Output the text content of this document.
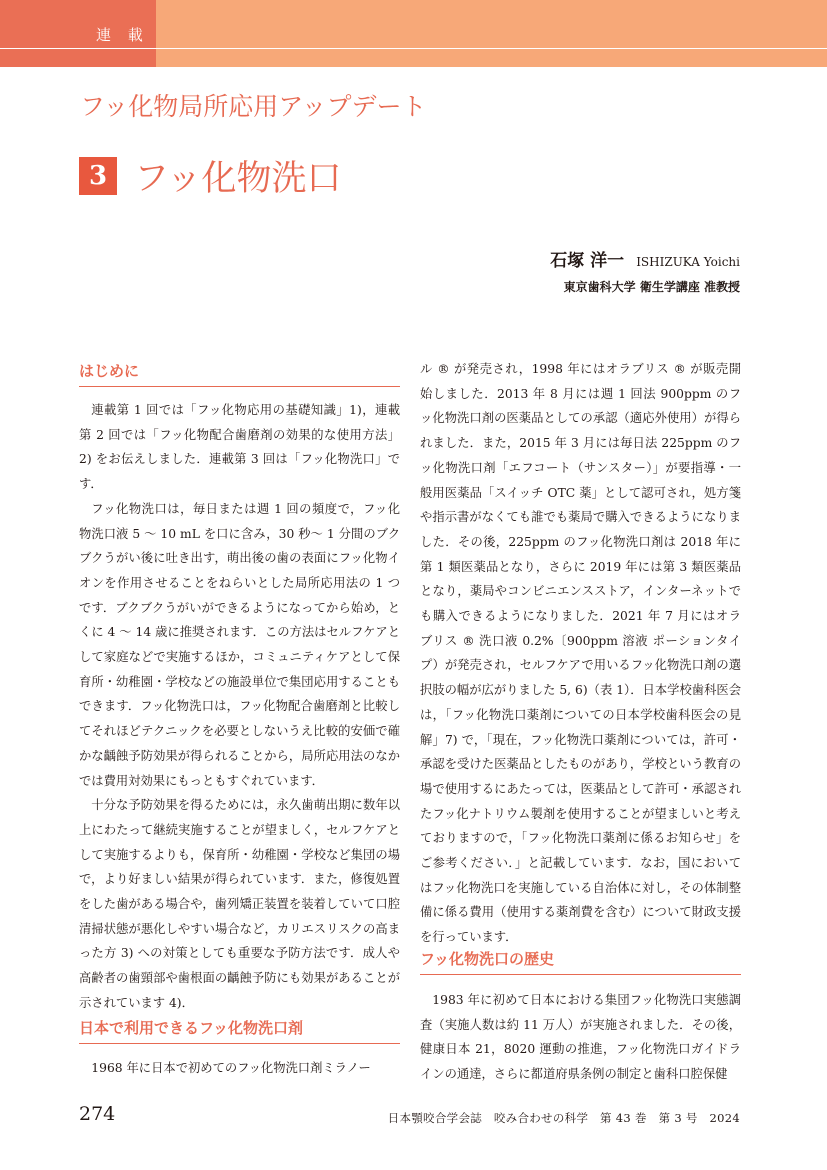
連 載
フッ化物局所応用アップデート
3 フッ化物洗口
石塚 洋一 ISHIZUKA Yoichi
東京歯科大学 衛生学講座 准教授
はじめに

連載第 1 回では「フッ化物応用の基礎知識」1)，連載第 2 回では「フッ化物配合歯磨剤の効果的な使用方法」2) をお伝えしました．連載第 3 回は「フッ化物洗口」です．

フッ化物洗口は，毎日または週 1 回の頻度で，フッ化物洗口液 5 〜 10 mL を口に含み，30 秒〜 1 分間のブクブクうがい後に吐き出す，萌出後の歯の表面にフッ化物イオンを作用させることをねらいとした局所応用法の 1 つです．ブクブクうがいができるようになってから始め，とくに 4 〜 14 歳に推奨されます．この方法はセルフケアとして家庭などで実施するほか，コミュニティケアとして保育所・幼稚園・学校などの施設単位で集団応用することもできます．フッ化物洗口は，フッ化物配合歯磨剤と比較してそれほどテクニックを必要としないうえ比較的安価で確かな齲蝕予防効果が得られることから，局所応用法のなかでは費用対効果にもっともすぐれています．

十分な予防効果を得るためには，永久歯萌出期に数年以上にわたって継続実施することが望ましく，セルフケアとして実施するよりも，保育所・幼稚園・学校など集団の場で，より好ましい結果が得られています．また，修復処置をした歯がある場合や，歯列矯正装置を装着していて口腔清掃状態が悪化しやすい場合など，カリエスリスクの高まった方 3) への対策としても重要な予防方法です．成人や高齢者の歯頸部や歯根面の齲蝕予防にも効果があることが示されています 4)．

日本で利用できるフッ化物洗口剤

1968 年に日本で初めてのフッ化物洗口剤ミラノー

ル ® が発売され，1998 年にはオラブリス ® が販売開始しました．2013 年 8 月には週 1 回法 900ppm のフッ化物洗口剤の医薬品としての承認（適応外使用）が得られました．また，2015 年 3 月には毎日法 225ppm のフッ化物洗口剤「エフコート（サンスター）」が要指導・一般用医薬品「スイッチ OTC 薬」として認可され，処方箋や指示書がなくても誰でも薬局で購入できるようになりました．その後，225ppm のフッ化物洗口剤は 2018 年に第 1 類医薬品となり，さらに 2019 年には第 3 類医薬品となり，薬局やコンビニエンスストア，インターネットでも購入できるようになりました．2021 年 7 月にはオラブリス ® 洗口液 0.2%〔900ppm 溶液 ポーションタイプ）が発売され，セルフケアで用いるフッ化物洗口剤の選択肢の幅が広がりました 5, 6)（表 1）．日本学校歯科医会は，「フッ化物洗口薬剤についての日本学校歯科医会の見解」7) で，「現在，フッ化物洗口薬剤については，許可・承認を受けた医薬品としたものがあり，学校という教育の場で使用するにあたっては，医薬品として許可・承認されたフッ化ナトリウム製剤を使用することが望ましいと考えておりますので，「フッ化物洗口薬剤に係るお知らせ」をご参考ください．」と記載しています．なお，国においてはフッ化物洗口を実施している自治体に対し，その体制整備に係る費用（使用する薬剤費を含む）について財政支援を行っています．

フッ化物洗口の歴史

1983 年に初めて日本における集団フッ化物洗口実態調査（実施人数は約 11 万人）が実施されました．その後，健康日本 21，8020 運動の推進，フッ化物洗口ガイドラインの通達，さらに都道府県条例の制定と歯科口腔保健

274	日本顎咬合学会誌　咬み合わせの科学　第 43 巻　第 3 号　2024
